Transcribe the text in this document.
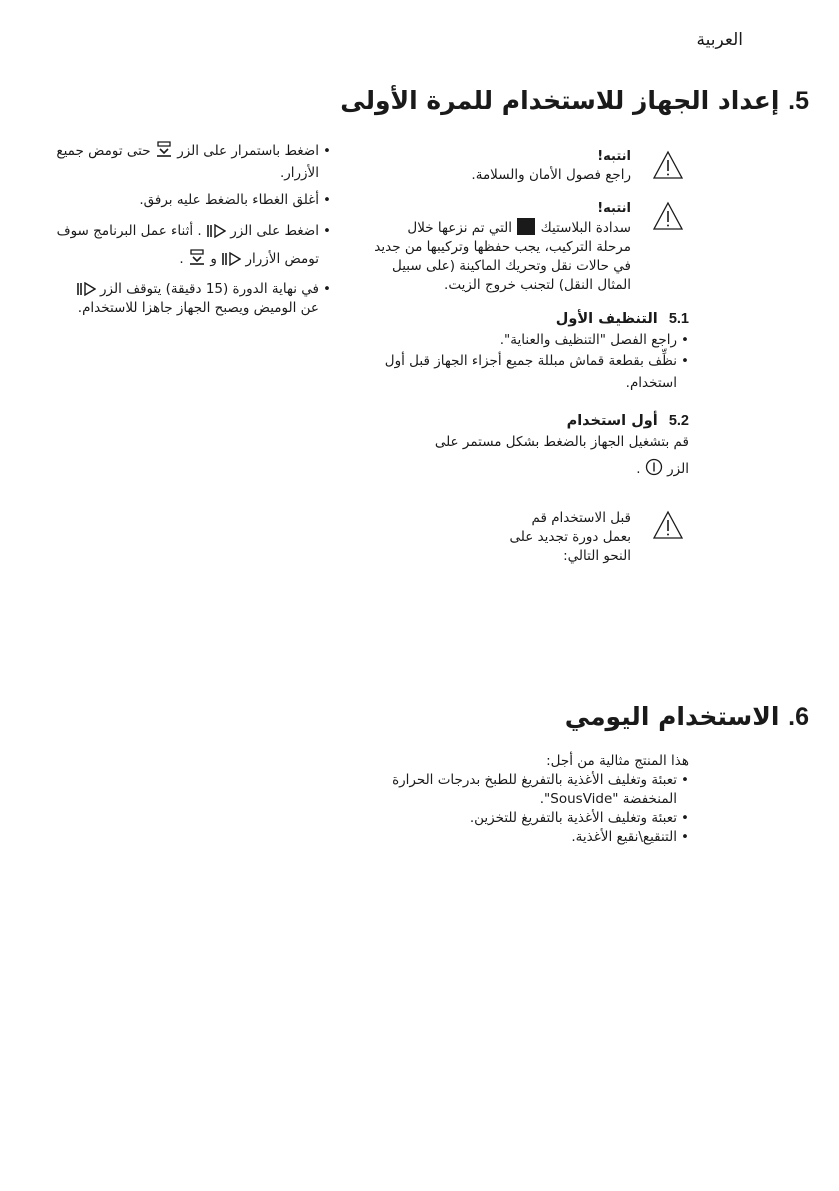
العربية
5. إعداد الجهاز للاستخدام للمرة الأولى
انتبه!
راجع فصول الأمان والسلامة.
انتبه!
سدادة البلاستيك  التي تم نزعها خلال مرحلة التركيب، يجب حفظها وتركيبها من جديد في حالات نقل وتحريك الماكينة (على سبيل المثال النقل) لتجنب خروج الزيت.
5.1 التنظيف الأول
• راجع الفصل "التنظيف والعناية".
• نظِّف بقطعة قماش مبللة جميع أجزاء الجهاز قبل أول استخدام.
5.2 أول استخدام
قم بتشغيل الجهاز بالضغط بشكل مستمر على
الزر  .
قبل الاستخدام قم بعمل دورة تجديد على النحو التالي:
• اضغط باستمرار على الزر  حتى تومض جميع الأزرار.
• أغلق الغطاء بالضغط عليه برفق.
• اضغط على الزر  . أثناء عمل البرنامج سوف تومض الأزرار  و  .
• في نهاية الدورة (15 دقيقة) يتوقف الزر  عن الوميض ويصبح الجهاز جاهزا للاستخدام.
6. الاستخدام اليومي
هذا المنتج مثالية من أجل:
• تعبئة وتغليف الأغذية بالتفريغ للطبخ بدرجات الحرارة المنخفضة "SousVide".
• تعبئة وتغليف الأغذية بالتفريغ للتخزين.
• التنقيع\نقيع الأغذية.
